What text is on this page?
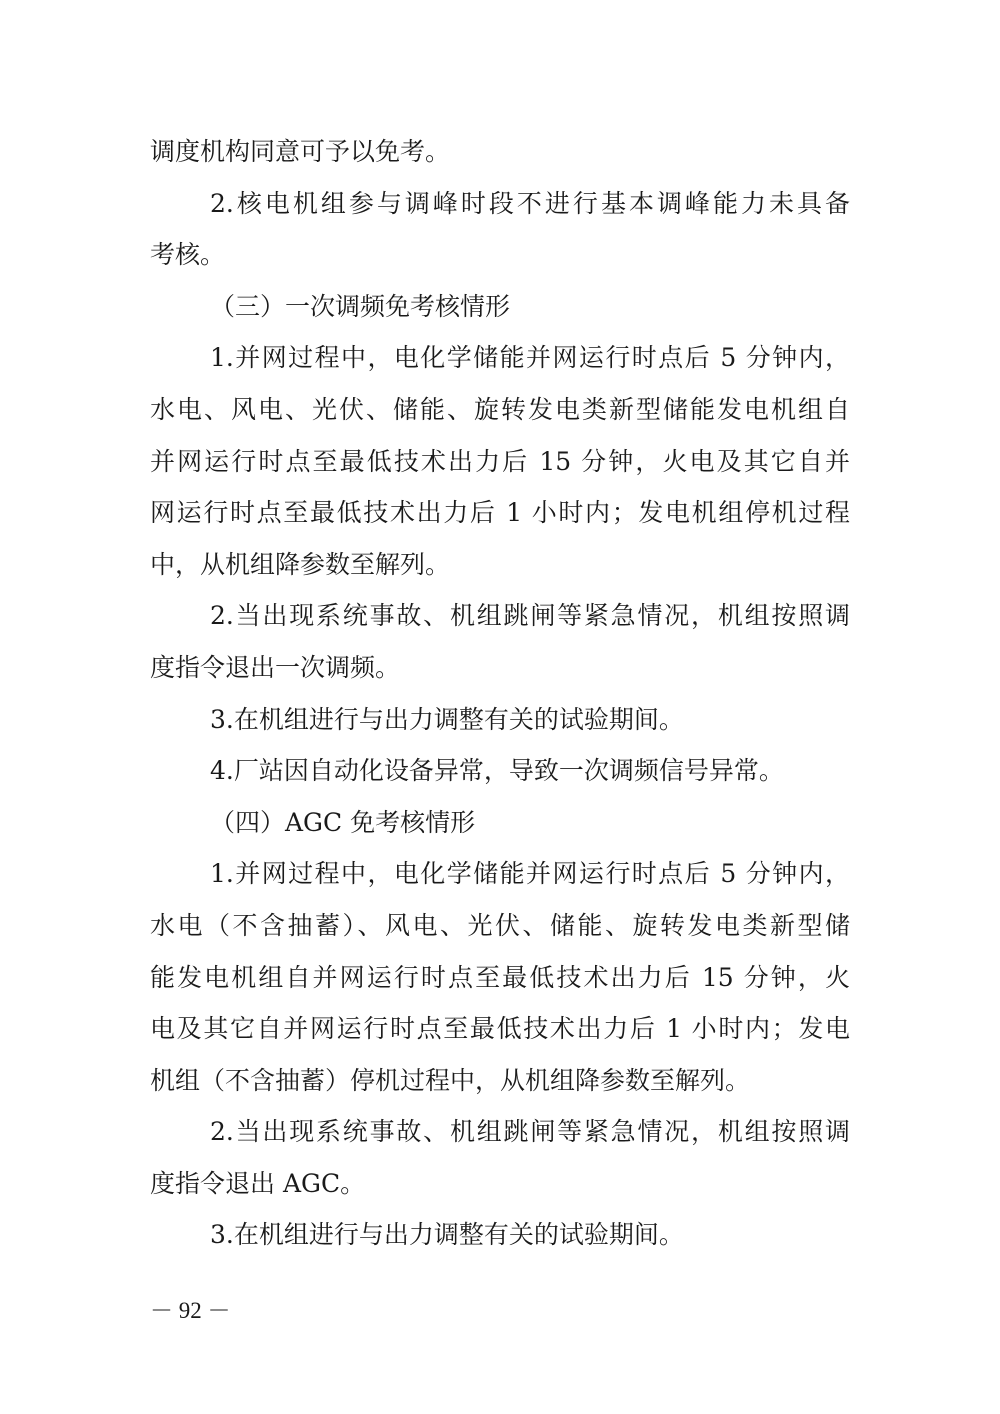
调度机构同意可予以免考。
2.核电机组参与调峰时段不进行基本调峰能力未具备
考核。
（三）一次调频免考核情形
1.并网过程中，电化学储能并网运行时点后 5 分钟内，
水电、风电、光伏、储能、旋转发电类新型储能发电机组自
并网运行时点至最低技术出力后 15 分钟，火电及其它自并
网运行时点至最低技术出力后 1 小时内；发电机组停机过程
中，从机组降参数至解列。
2.当出现系统事故、机组跳闸等紧急情况，机组按照调
度指令退出一次调频。
3.在机组进行与出力调整有关的试验期间。
4.厂站因自动化设备异常，导致一次调频信号异常。
（四）AGC 免考核情形
1.并网过程中，电化学储能并网运行时点后 5 分钟内，
水电（不含抽蓄）、风电、光伏、储能、旋转发电类新型储
能发电机组自并网运行时点至最低技术出力后 15 分钟，火
电及其它自并网运行时点至最低技术出力后 1 小时内；发电
机组（不含抽蓄）停机过程中，从机组降参数至解列。
2.当出现系统事故、机组跳闸等紧急情况，机组按照调
度指令退出 AGC。
3.在机组进行与出力调整有关的试验期间。
－ 92 －
